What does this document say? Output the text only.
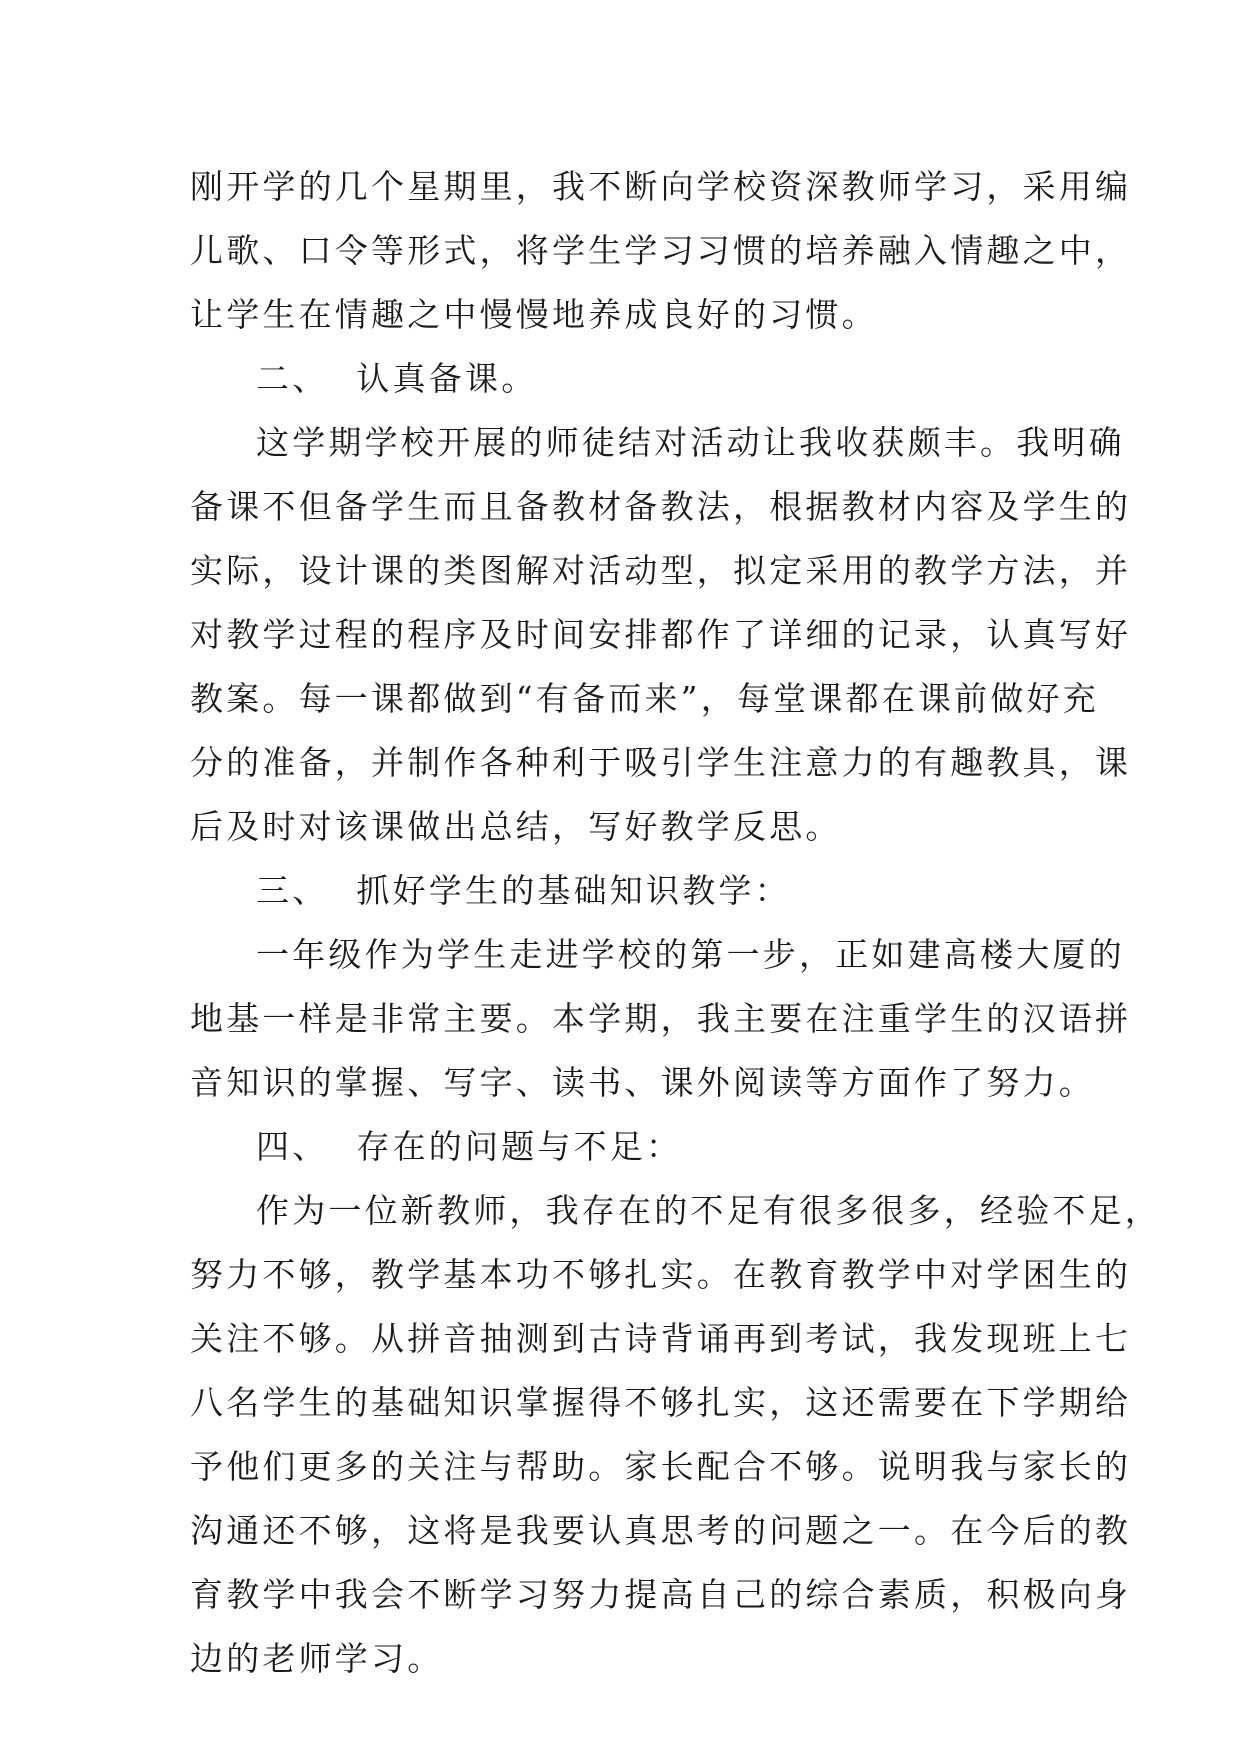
刚开学的几个星期里，我不断向学校资深教师学习，采用编
儿歌、口令等形式，将学生学习习惯的培养融入情趣之中，
让学生在情趣之中慢慢地养成良好的习惯。
二、 认真备课。
这学期学校开展的师徒结对活动让我收获颇丰。我明确
备课不但备学生而且备教材备教法，根据教材内容及学生的
实际，设计课的类图解对活动型，拟定采用的教学方法，并
对教学过程的程序及时间安排都作了详细的记录，认真写好
教案。每一课都做到“有备而来”，每堂课都在课前做好充
分的准备，并制作各种利于吸引学生注意力的有趣教具，课
后及时对该课做出总结，写好教学反思。
三、 抓好学生的基础知识教学：
一年级作为学生走进学校的第一步，正如建高楼大厦的
地基一样是非常主要。本学期，我主要在注重学生的汉语拼
音知识的掌握、写字、读书、课外阅读等方面作了努力。
四、 存在的问题与不足：
作为一位新教师，我存在的不足有很多很多，经验不足，
努力不够，教学基本功不够扎实。在教育教学中对学困生的
关注不够。从拼音抽测到古诗背诵再到考试，我发现班上七
八名学生的基础知识掌握得不够扎实，这还需要在下学期给
予他们更多的关注与帮助。家长配合不够。说明我与家长的
沟通还不够，这将是我要认真思考的问题之一。在今后的教
育教学中我会不断学习努力提高自己的综合素质，积极向身
边的老师学习。
